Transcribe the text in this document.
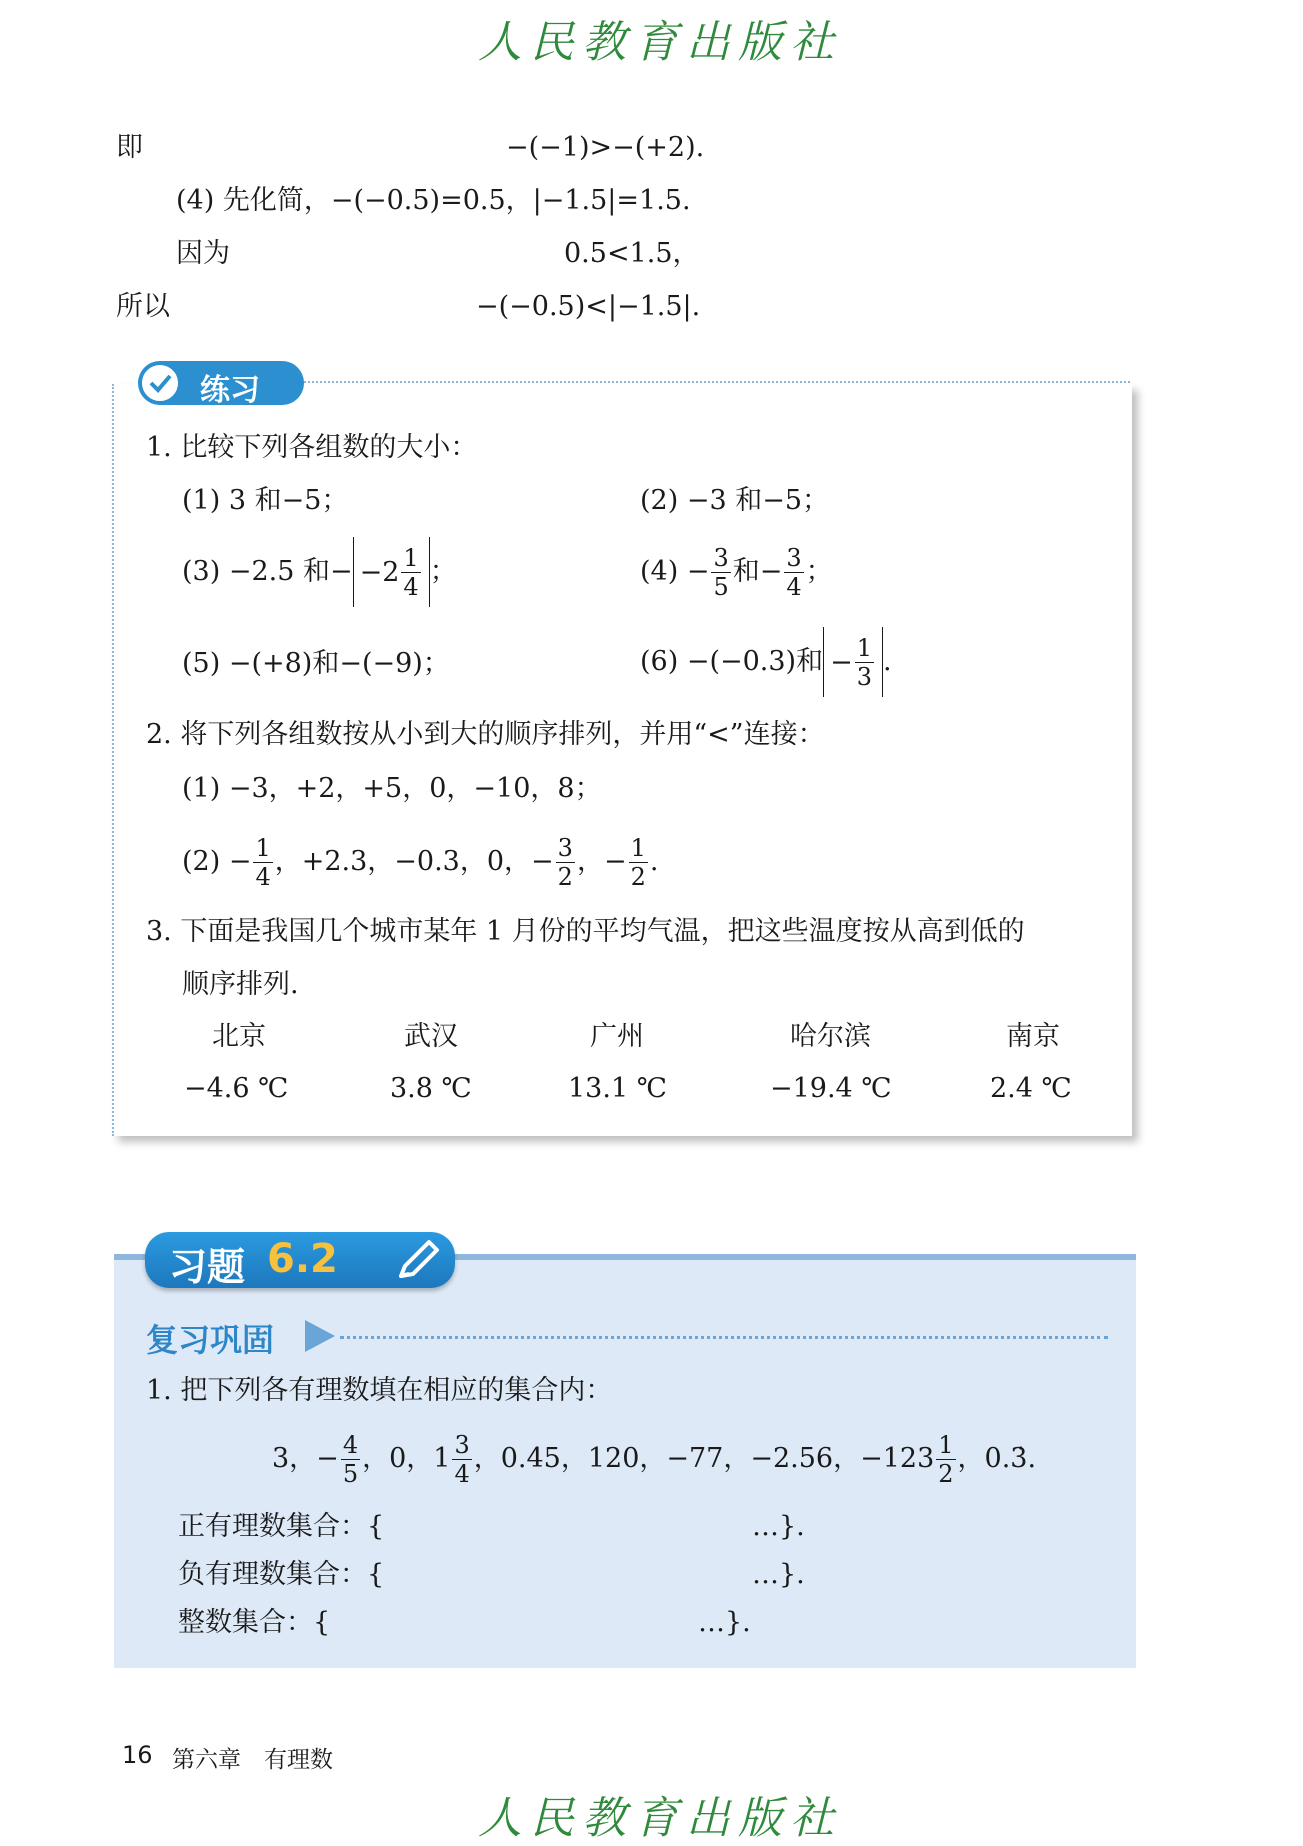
人民教育出版社
即	−(−1)>−(+2).
(4) 先化简，−(−0.5)=0.5，|−1.5|=1.5.
因为	0.5<1.5，
所以	−(−0.5)<|−1.5|.
练习
1. 比较下列各组数的大小：
(1) 3 和−5；	(2) −3 和−5；
(3) −2.5 和− $-2 \frac{1}{4}$ ；	$(4) - \frac{3}{5}$ 和− $\frac{3}{4}$ ；
(5) −(+8)和−(−9)；	(6) −(−0.3)和 − $\frac{1}{3}$ .
2. 将下列各组数按从小到大的顺序排列，并用“<”连接：
(1) −3，+2，+5，0，−10，8；
$(2) - \frac{1}{4}$ ，+2.3，−0.3，0，− $\frac{3}{2}$ ，− $\frac{1}{2}$ .
3. 下面是我国几个城市某年 1 月份的平均气温，把这些温度按从高到低的
顺序排列.
北京	武汉	广州	哈尔滨	南京
−4.6 ℃	3.8 ℃	13.1 ℃	−19.4 ℃	2.4 ℃
习题 6.2
复习巩固
1. 把下列各有理数填在相应的集合内：
3，− $\frac{4}{5}$ ，0，$1 \frac{3}{4}$ ，0.45，120，−77，−2.56，$-123 \frac{1}{2}$ ，0.3̇.
正有理数集合：{	…}.
负有理数集合：{	…}.
整数集合：{	…}.
16 第六章　有理数
人民教育出版社
